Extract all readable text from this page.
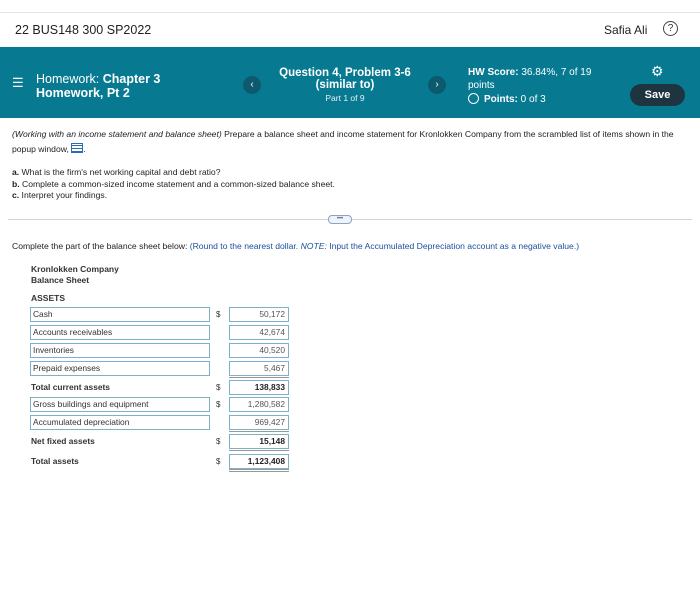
22 BUS148 300 SP2022	Safia Ali	?
☰ Homework: Chapter 3
Homework, Pt 2
‹
Question 4, Problem 3-6
(similar to)
Part 1 of 9
›
HW Score: 36.84%, 7 of 19
points
Points: 0 of 3
⚙
Save
(Working with an income statement and balance sheet) Prepare a balance sheet and income statement for Kronlokken Company from the scrambled list of items shown in the popup window, .
a. What is the firm's net working capital and debt ratio?
b. Complete a common-sized income statement and a common-sized balance sheet.
c. Interpret your findings.
•••
Complete the part of the balance sheet below: (Round to the nearest dollar. NOTE: Input the Accumulated Depreciation account as a negative value.)
Kronlokken Company
Balance Sheet
ASSETS
Cash	$	50,172
Accounts receivables	42,674
Inventories	40,520
Prepaid expenses	5,467
Total current assets	$	138,833
Gross buildings and equipment	$	1,280,582
Accumulated depreciation	969,427
Net fixed assets	$	15,148
Total assets	$	1,123,408
